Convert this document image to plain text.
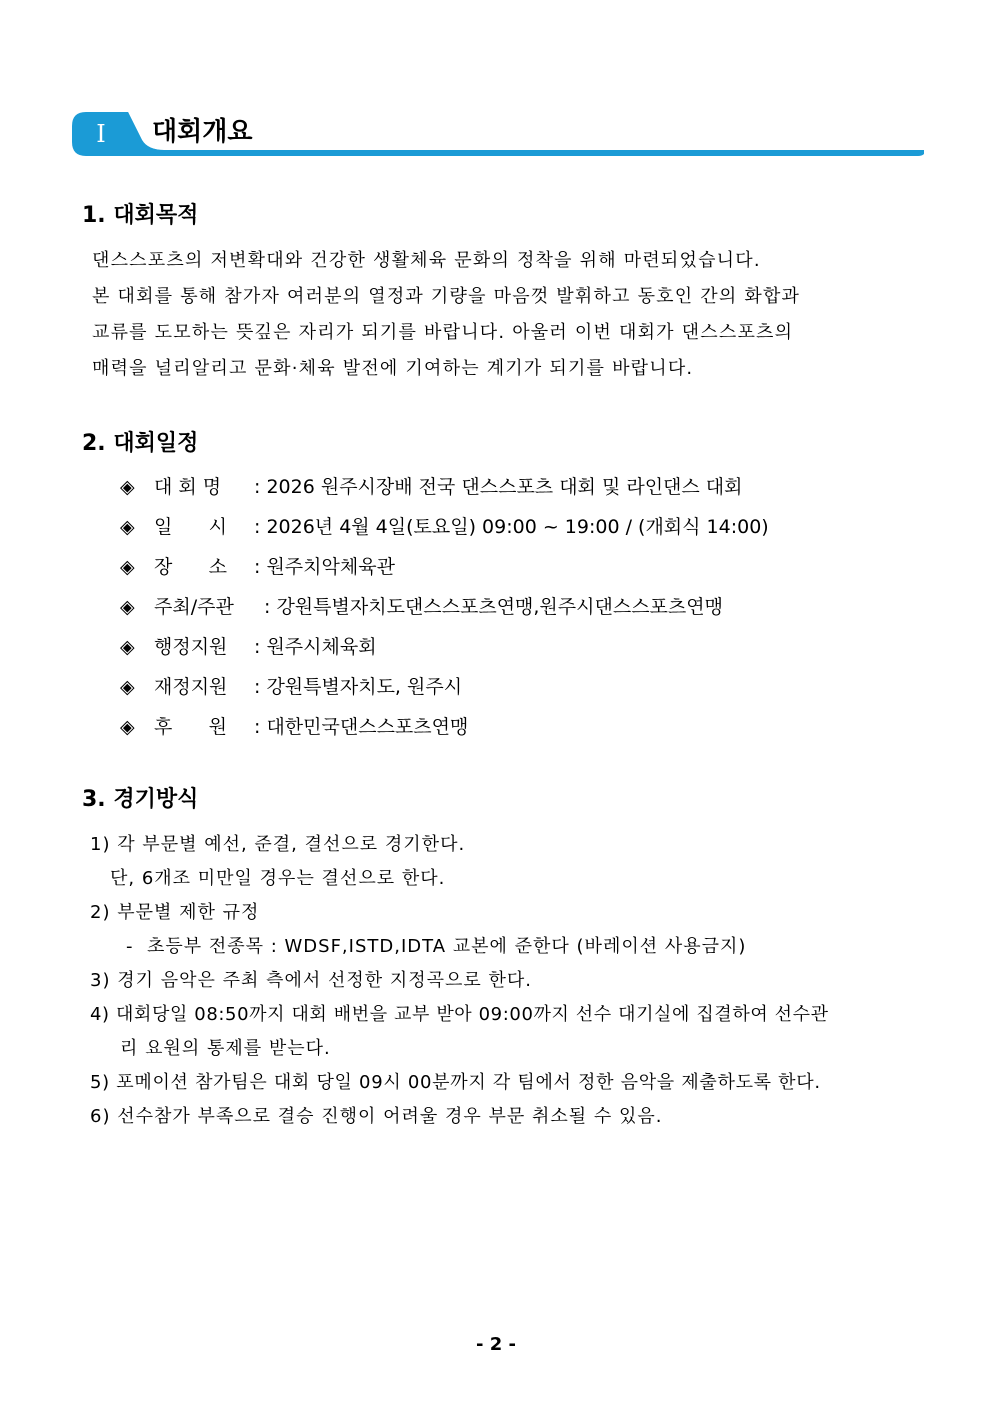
I	대회개요
1. 대회목적
댄스스포츠의 저변확대와 건강한 생활체육 문화의 정착을 위해 마련되었습니다.
본 대회를 통해 참가자 여러분의 열정과 기량을 마음껏 발휘하고 동호인 간의 화합과
교류를 도모하는 뜻깊은 자리가 되기를 바랍니다. 아울러 이번 대회가 댄스스포츠의
매력을 널리알리고 문화·체육 발전에 기여하는 계기가 되기를 바랍니다.
2. 대회일정
◈ 대 회 명 : 2026 원주시장배 전국 댄스스포츠 대회 및 라인댄스 대회
◈ 일      시 : 2026년 4월 4일(토요일) 09:00 ~ 19:00 / (개회식 14:00)
◈ 장      소 : 원주치악체육관
◈ 주최/주관 : 강원특별자치도댄스스포츠연맹,원주시댄스스포츠연맹
◈ 행정지원 : 원주시체육회
◈ 재정지원 : 강원특별자치도, 원주시
◈ 후      원 : 대한민국댄스스포츠연맹
3. 경기방식
1) 각 부문별 예선, 준결, 결선으로 경기한다.
단, 6개조 미만일 경우는 결선으로 한다.
2) 부문별 제한 규정
-  초등부 전종목 : WDSF,ISTD,IDTA 교본에 준한다 (바레이션 사용금지)
3) 경기 음악은 주최 측에서 선정한 지정곡으로 한다.
4) 대회당일 08:50까지 대회 배번을 교부 받아 09:00까지 선수 대기실에 집결하여 선수관
리 요원의 통제를 받는다.
5) 포메이션 참가팀은 대회 당일 09시 00분까지 각 팀에서 정한 음악을 제출하도록 한다.
6) 선수참가 부족으로 결승 진행이 어려울 경우 부문 취소될 수 있음.
- 2 -
